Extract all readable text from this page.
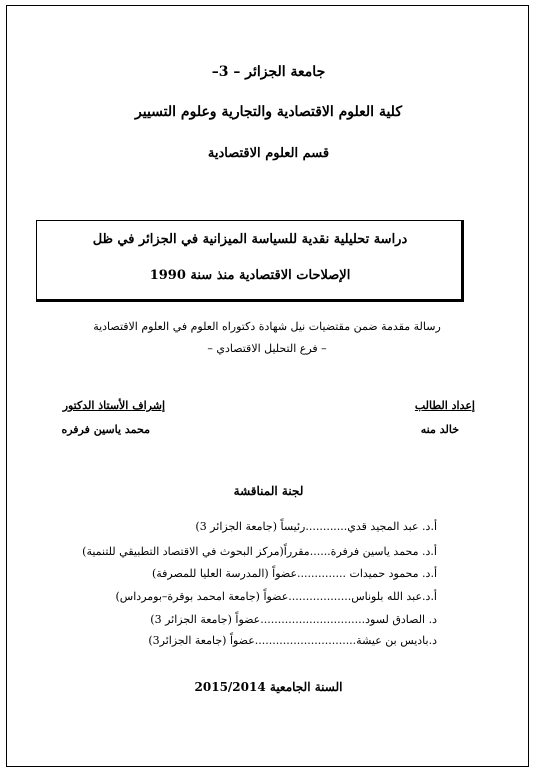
جامعة الجزائر – 3–
كلية العلوم الاقتصادية والتجارية وعلوم التسيير
قسم العلوم الاقتصادية
دراسة تحليلية نقدية للسياسة الميزانية في الجزائر في ظل
الإصلاحات الاقتصادية منذ سنة 1990
رسالة مقدمة ضمن مقتضيات نيل شهادة دكتوراه العلوم في العلوم الاقتصادية
– فرع التحليل الاقتصادي –
إعداد الطالب
خالد منه
إشراف الأستاذ الدكتور
محمد ياسين فرفره
لجنة المناقشة
أ.د. عبد المجيد قدي............رئيساً (جامعة الجزائر 3)
أ.د. محمد ياسين فرفرة......مقرراً(مركز البحوث في الاقتصاد التطبيقي للتنمية)
أ.د. محمود حميدات ..............عضواً (المدرسة العليا للمصرفة)
أ.د.عبد الله بلوناس..................عضواً (جامعة امحمد بوقرة–بومرداس)
د. الصادق لسود..............................عضواً (جامعة الجزائر 3)
د.باديس بن عيشة.............................عضواً (جامعة الجزائر3)
السنة الجامعية 2015/2014
